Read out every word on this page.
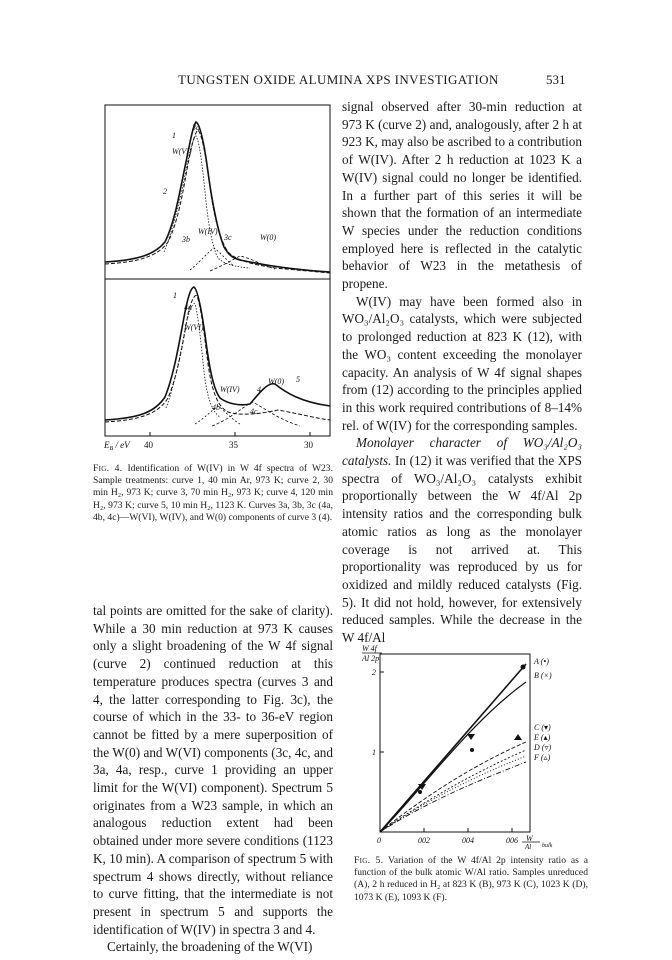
TUNGSTEN OXIDE ALUMINA XPS INVESTIGATION	531
1
3a
W(VI)
2
3b
W(IV)
W(0)
3c
1
4a
W(VI)
4
W(0) 5
W(IV)
4b	4c
$E_B$ / eV 40	35	30
Fig. 4. Identification of W(IV) in W 4f spectra of W23. Sample treatments: curve 1, 40 min Ar, 973 K; curve 2, 30 min H₂, 973 K; curve 3, 70 min H₂, 973 K; curve 4, 120 min H₂, 973 K; curve 5, 10 min H₂, 1123 K. Curves 3a, 3b, 3c (4a, 4b, 4c)—W(VI), W(IV), and W(0) components of curve 3 (4).

signal observed after 30-min reduction at 973 K (curve 2) and, analogously, after 2 h at 923 K, may also be ascribed to a contribution of W(IV). After 2 h reduction at 1023 K a W(IV) signal could no longer be identified. In a further part of this series it will be shown that the formation of an intermediate W species under the reduction conditions employed here is reflected in the catalytic behavior of W23 in the metathesis of propene.

W(IV) may have been formed also in WO₃/Al₂O₃ catalysts, which were subjected to prolonged reduction at 823 K (12), with the WO₃ content exceeding the monolayer capacity. An analysis of W 4f signal shapes from (12) according to the principles applied in this work required contributions of 8–14% rel. of W(IV) for the corresponding samples.

Monolayer character of WO₃/Al₂O₃ catalysts. In (12) it was verified that the XPS spectra of WO₃/Al₂O₃ catalysts exhibit proportionally between the W 4f/Al 2p intensity ratios and the corresponding bulk atomic ratios as long as the monolayer coverage is not arrived at. This proportionality was reproduced by us for oxidized and mildly reduced catalysts (Fig. 5). It did not hold, however, for extensively reduced samples. While the decrease in the W 4f/Al

W 4f
Al 2p
2
1
0	002	004	006 W
Al bulk
A (•)
B (×)
C (▾)
E (▴)
D (▿)
F (▵)
Fig. 5. Variation of the W 4f/Al 2p intensity ratio as a function of the bulk atomic W/Al ratio. Samples unreduced (A), 2 h reduced in H₂ at 823 K (B), 973 K (C), 1023 K (D), 1073 K (E), 1093 K (F).

tal points are omitted for the sake of clarity). While a 30 min reduction at 973 K causes only a slight broadening of the W 4f signal (curve 2) continued reduction at this temperature produces spectra (curves 3 and 4, the latter corresponding to Fig. 3c), the course of which in the 33- to 36-eV region cannot be fitted by a mere superposition of the W(0) and W(VI) components (3c, 4c, and 3a, 4a, resp., curve 1 providing an upper limit for the W(VI) component). Spectrum 5 originates from a W23 sample, in which an analogous reduction extent had been obtained under more severe conditions (1123 K, 10 min). A comparison of spectrum 5 with spectrum 4 shows directly, without reliance to curve fitting, that the intermediate is not present in spectrum 5 and supports the identification of W(IV) in spectra 3 and 4.

Certainly, the broadening of the W(VI)
